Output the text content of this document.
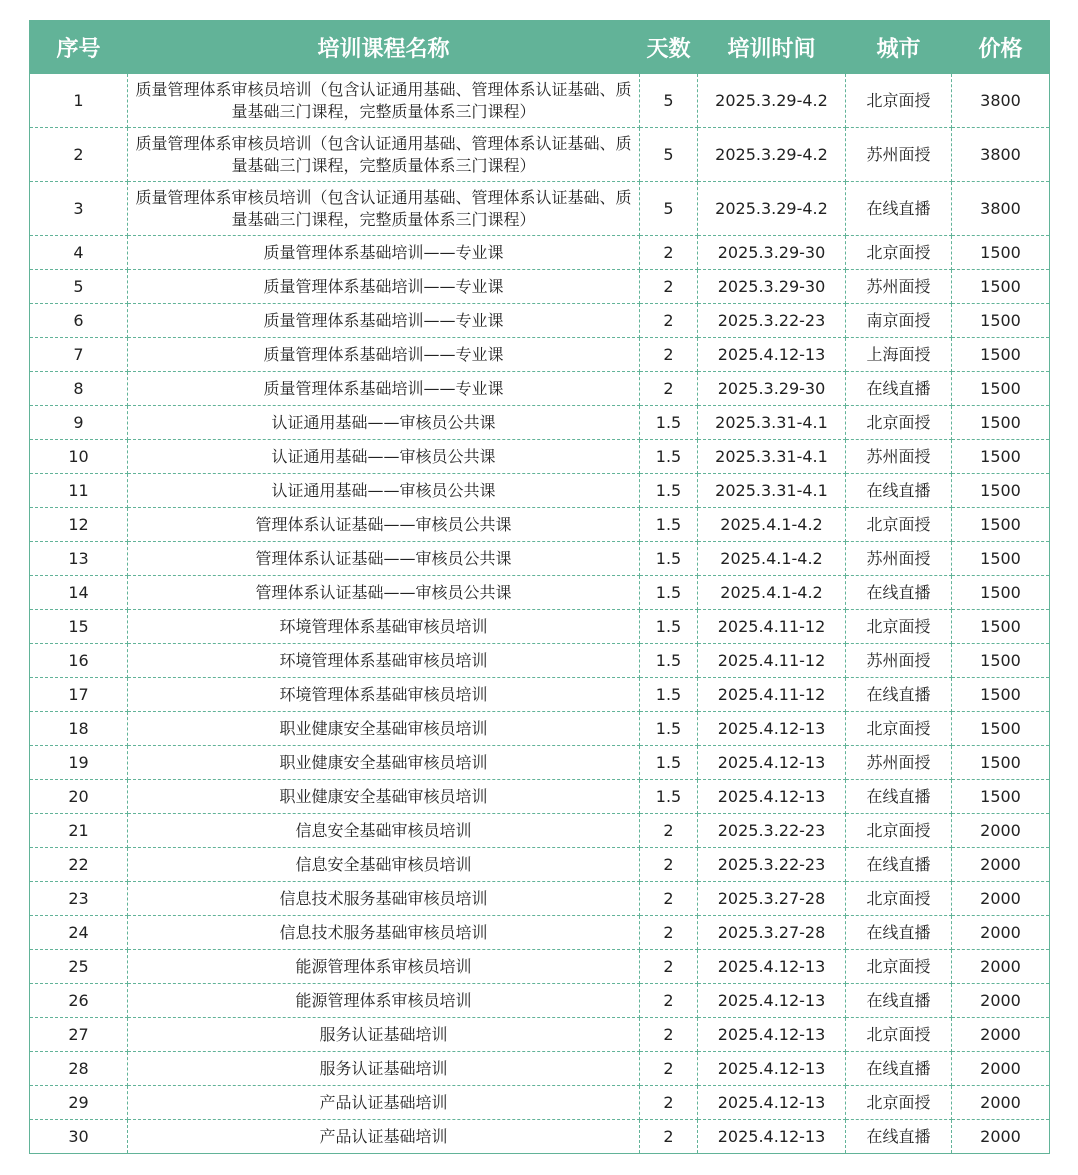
序号	培训课程名称	天数	培训时间	城市	价格
1	质量管理体系审核员培训（包含认证通用基础、管理体系认证基础、质量基础三门课程，完整质量体系三门课程）	5	2025.3.29-4.2	北京面授	3800
2	质量管理体系审核员培训（包含认证通用基础、管理体系认证基础、质量基础三门课程，完整质量体系三门课程）	5	2025.3.29-4.2	苏州面授	3800
3	质量管理体系审核员培训（包含认证通用基础、管理体系认证基础、质量基础三门课程，完整质量体系三门课程）	5	2025.3.29-4.2	在线直播	3800
4	质量管理体系基础培训——专业课	2	2025.3.29-30	北京面授	1500
5	质量管理体系基础培训——专业课	2	2025.3.29-30	苏州面授	1500
6	质量管理体系基础培训——专业课	2	2025.3.22-23	南京面授	1500
7	质量管理体系基础培训——专业课	2	2025.4.12-13	上海面授	1500
8	质量管理体系基础培训——专业课	2	2025.3.29-30	在线直播	1500
9	认证通用基础——审核员公共课	1.5	2025.3.31-4.1	北京面授	1500
10	认证通用基础——审核员公共课	1.5	2025.3.31-4.1	苏州面授	1500
11	认证通用基础——审核员公共课	1.5	2025.3.31-4.1	在线直播	1500
12	管理体系认证基础——审核员公共课	1.5	2025.4.1-4.2	北京面授	1500
13	管理体系认证基础——审核员公共课	1.5	2025.4.1-4.2	苏州面授	1500
14	管理体系认证基础——审核员公共课	1.5	2025.4.1-4.2	在线直播	1500
15	环境管理体系基础审核员培训	1.5	2025.4.11-12	北京面授	1500
16	环境管理体系基础审核员培训	1.5	2025.4.11-12	苏州面授	1500
17	环境管理体系基础审核员培训	1.5	2025.4.11-12	在线直播	1500
18	职业健康安全基础审核员培训	1.5	2025.4.12-13	北京面授	1500
19	职业健康安全基础审核员培训	1.5	2025.4.12-13	苏州面授	1500
20	职业健康安全基础审核员培训	1.5	2025.4.12-13	在线直播	1500
21	信息安全基础审核员培训	2	2025.3.22-23	北京面授	2000
22	信息安全基础审核员培训	2	2025.3.22-23	在线直播	2000
23	信息技术服务基础审核员培训	2	2025.3.27-28	北京面授	2000
24	信息技术服务基础审核员培训	2	2025.3.27-28	在线直播	2000
25	能源管理体系审核员培训	2	2025.4.12-13	北京面授	2000
26	能源管理体系审核员培训	2	2025.4.12-13	在线直播	2000
27	服务认证基础培训	2	2025.4.12-13	北京面授	2000
28	服务认证基础培训	2	2025.4.12-13	在线直播	2000
29	产品认证基础培训	2	2025.4.12-13	北京面授	2000
30	产品认证基础培训	2	2025.4.12-13	在线直播	2000
